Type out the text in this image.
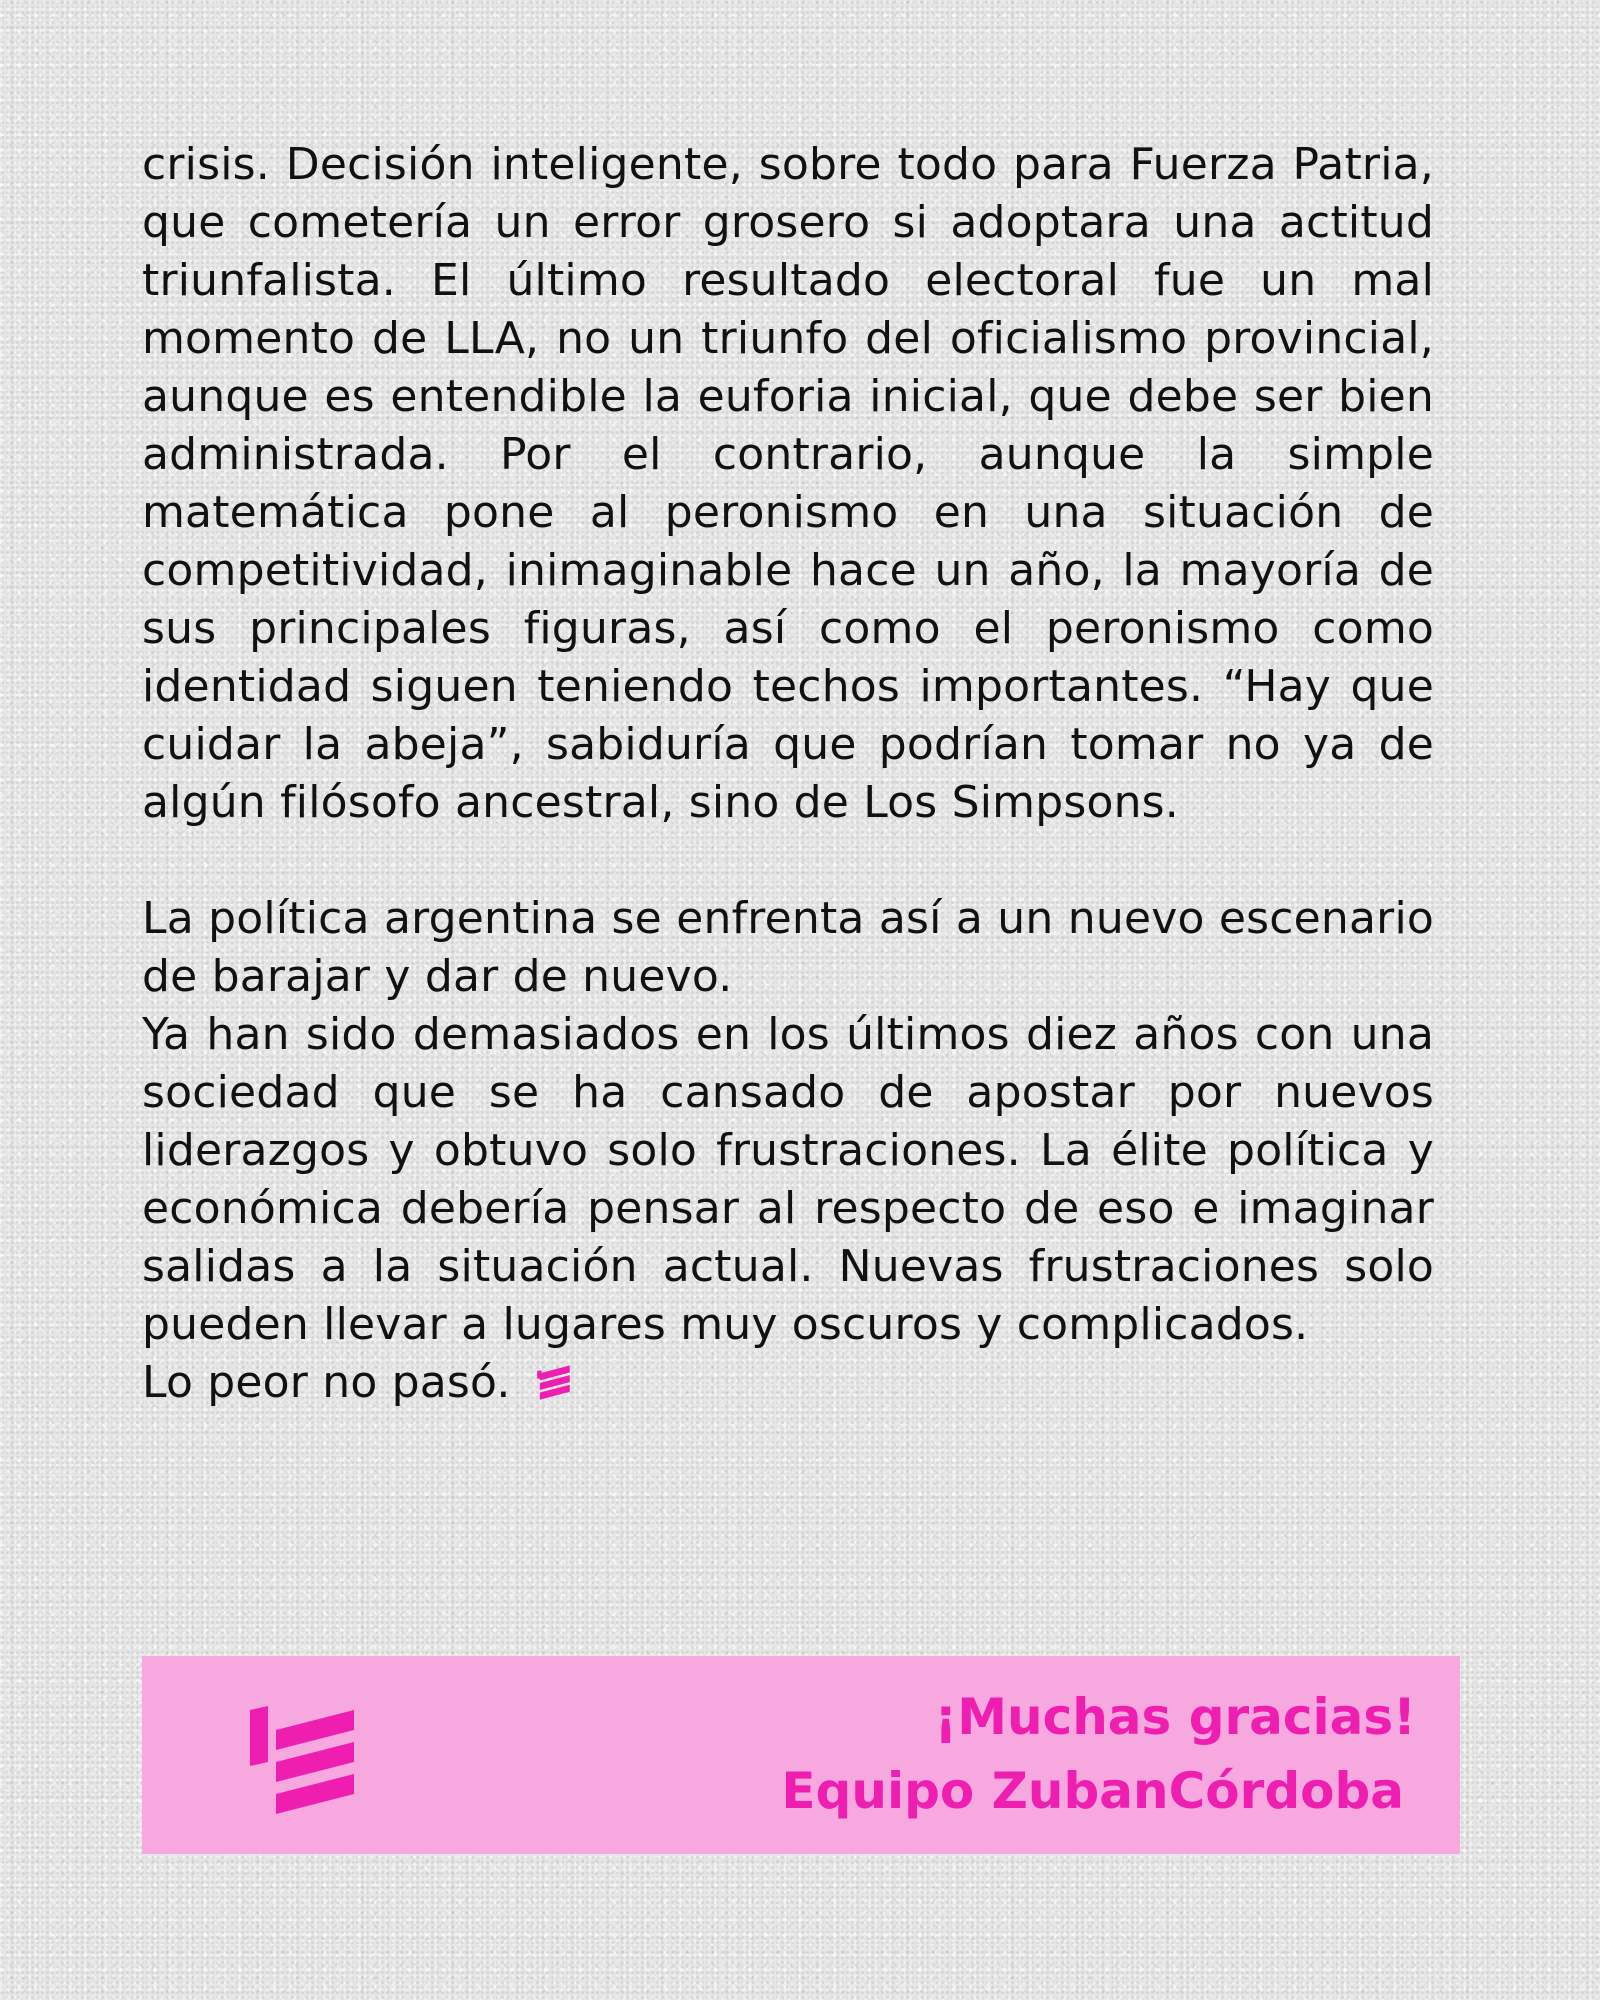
crisis. Decisión inteligente, sobre todo para Fuerza Patria, que cometería un error grosero si adoptara una actitud triunfalista. El último resultado electoral fue un mal momento de LLA, no un triunfo del oficialismo provincial, aunque es entendible la euforia inicial, que debe ser bien administrada. Por el contrario, aunque la simple matemática pone al peronismo en una situación de competitividad, inimaginable hace un año, la mayoría de sus principales figuras, así como el peronismo como identidad siguen teniendo techos importantes. “Hay que cuidar la abeja”, sabiduría que podrían tomar no ya de algún filósofo ancestral, sino de Los Simpsons.

La política argentina se enfrenta así a un nuevo escenario de barajar y dar de nuevo.

Ya han sido demasiados en los últimos diez años con una sociedad que se ha cansado de apostar por nuevos liderazgos y obtuvo solo frustraciones. La élite política y económica debería pensar al respecto de eso e imaginar salidas a la situación actual. Nuevas frustraciones solo pueden llevar a lugares muy oscuros y complicados.

Lo peor no pasó.

¡Muchas gracias!
Equipo ZubanCórdoba
